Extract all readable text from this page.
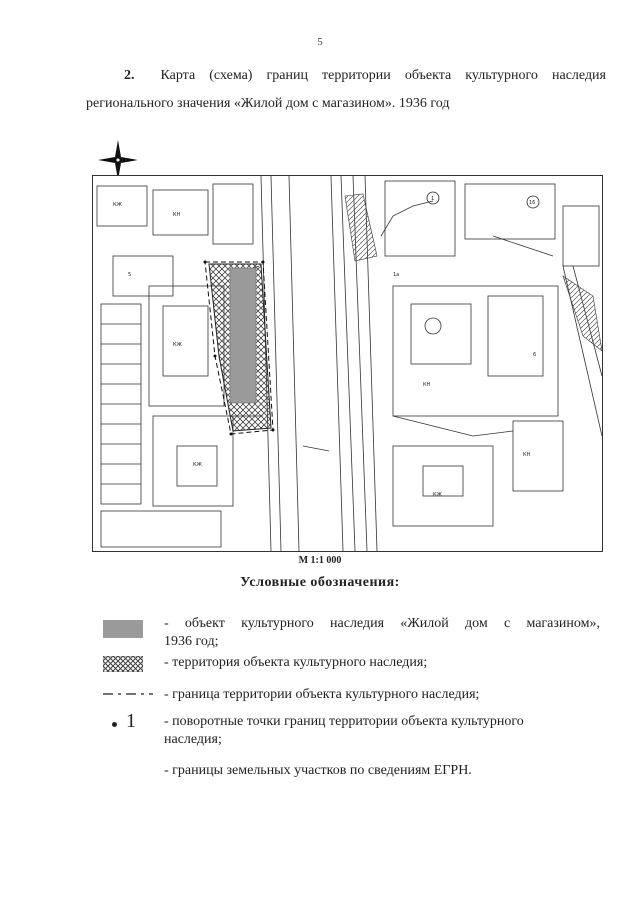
5
2. Карта (схема) границ территории объекта культурного наследия
регионального значения «Жилой дом с магазином». 1936 год
КЖ
КН
1
16
5
КЖ
КН
6
КЖ
1а
КН
КЖ
М 1:1 000
Условные обозначения:
1
- объект культурного наследия «Жилой дом с магазином»,
1936 год;
- территория объекта культурного наследия;
- граница территории объекта культурного наследия;
- поворотные точки границ территории объекта культурного
наследия;
- границы земельных участков по сведениям ЕГРН.
